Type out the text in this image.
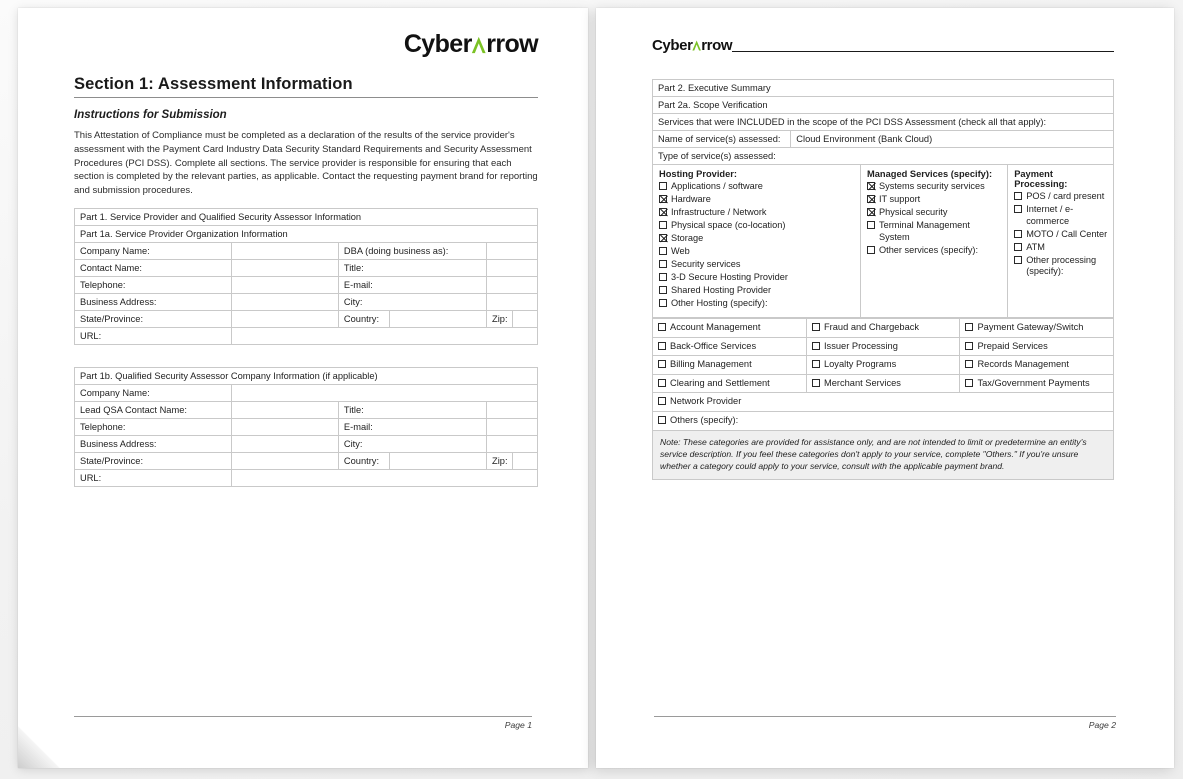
Cyber rrow
Section 1: Assessment Information
Instructions for Submission

This Attestation of Compliance must be completed as a declaration of the results of the service provider's assessment with the Payment Card Industry Data Security Standard Requirements and Security Assessment Procedures (PCI DSS). Complete all sections. The service provider is responsible for ensuring that each section is completed by the relevant parties, as applicable. Contact the requesting payment brand for reporting and submission procedures.

Part 1. Service Provider and Qualified Security Assessor Information					
Part 1a. Service Provider Organization Information					
Company Name:		DBA (doing business as):			
Contact Name:		Title:			
Telephone:		E-mail:			
Business Address:		City:			
State/Province:		Country:		Zip:	
URL:					
Part 1b. Qualified Security Assessor Company Information (if applicable)					
Company Name:					
Lead QSA Contact Name:		Title:			
Telephone:		E-mail:			
Business Address:		City:			
State/Province:		Country:		Zip:	
URL:					
Page 1
Cyber rrow
Part 2. Executive Summary
Part 2a. Scope Verification
Services that were INCLUDED in the scope of the PCI DSS Assessment (check all that apply):
Name of service(s) assessed:	Cloud Environment (Bank Cloud)
Type of service(s) assessed:

Hosting Provider:
Applications / software
Hardware
Infrastructure / Network
Physical space (co-location)
Storage
Web
Security services
3-D Secure Hosting Provider
Shared Hosting Provider
Other Hosting (specify):
Managed Services (specify):
Systems security services
IT support
Physical security
Terminal Management System
Other services (specify):
Payment Processing:
POS / card present
Internet / e-commerce
MOTO / Call Center
ATM
Other processing (specify):
Account Management	Fraud and Chargeback	Payment Gateway/Switch

Back-Office Services	Issuer Processing	Prepaid Services

Billing Management	Loyalty Programs	Records Management

Clearing and Settlement	Merchant Services	Tax/Government Payments

Network Provider		

Others (specify):		
Note: These categories are provided for assistance only, and are not intended to limit or predetermine an entity's service description. If you feel these categories don't apply to your service, complete "Others." If you're unsure whether a category could apply to your service, consult with the applicable payment brand.
Page 2
